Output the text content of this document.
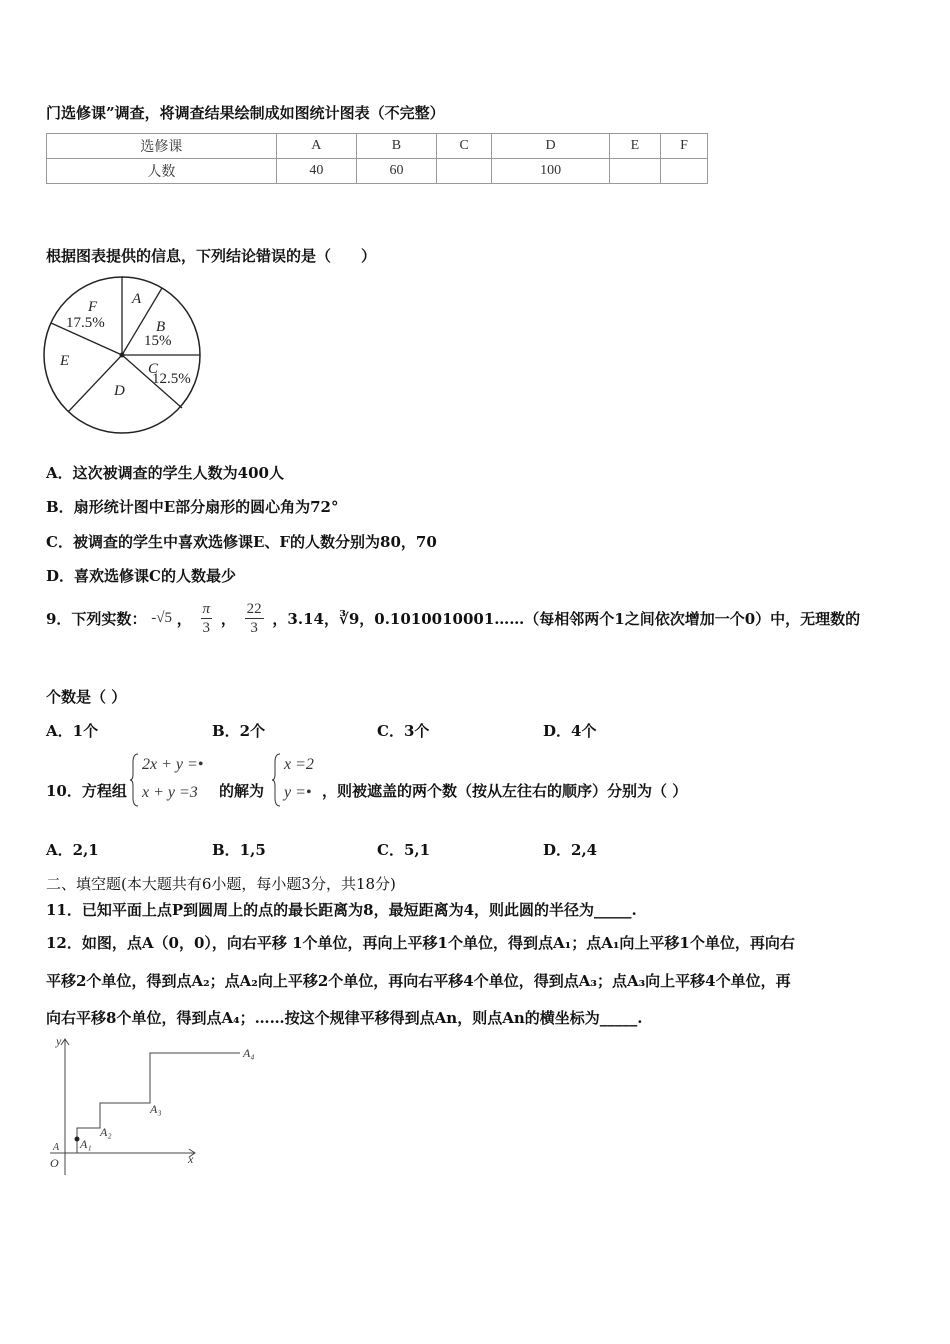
门选修课”调查，将调查结果绘制成如图统计图表（不完整）
选修课	A	B	C	D	E	F
人数	40	60		100		
根据图表提供的信息，下列结论错误的是（　　）
A
B
15%
C
12.5%
D
E
F
17.5%
A．这次被调查的学生人数为400人
B．扇形统计图中E部分扇形的圆心角为72°
C．被调查的学生中喜欢选修课E、F的人数分别为80，70
D．喜欢选修课C的人数最少
9．下列实数： -√5 ， $\frac{\pi}{3}$ ， $\frac{22}{3}$ ，3.14，∛9，0.1010010001……（每相邻两个1之间依次增加一个0）中，无理数的
个数是（ ）
A．1个	B．2个	C．3个	D．4个
10．方程组
2x + y =•
x + y =3 的解为
x =2
y =• ，则被遮盖的两个数（按从左往右的顺序）分别为（ ）
A．2,1	B．1,5	C．5,1	D．2,4
二、填空题(本大题共有6小题，每小题3分，共18分)
11．已知平面上点P到圆周上的点的最长距离为8，最短距离为4，则此圆的半径为_____.
12．如图，点A（0，0），向右平移 1个单位，再向上平移1个单位，得到点A₁；点A₁向上平移1个单位，再向右
平移2个单位，得到点A₂；点A₂向上平移2个单位，再向右平移4个单位，得到点A₃；点A₃向上平移4个单位，再
向右平移8个单位，得到点A₄；……按这个规律平移得到点An，则点An的横坐标为_____.
y
x
O
A A₁
A₂
A₃
A₄
